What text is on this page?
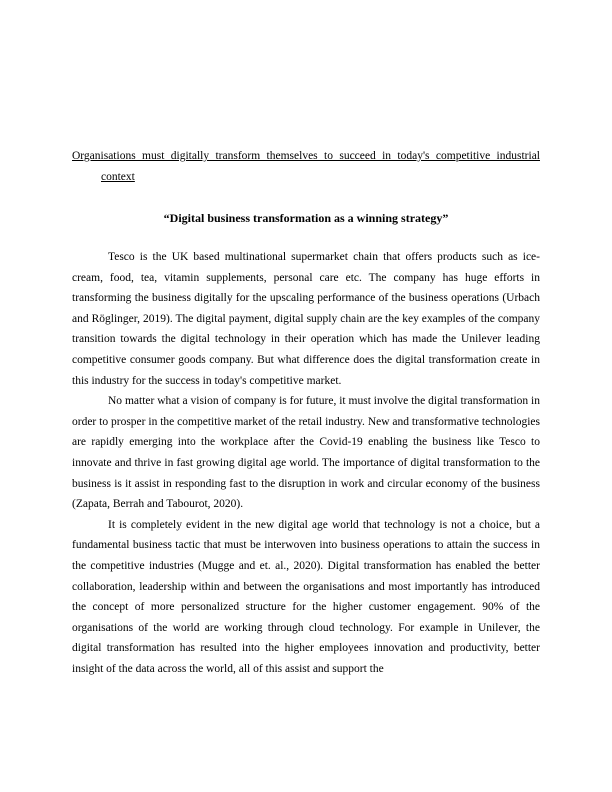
Organisations must digitally transform themselves to succeed in today's competitive industrial
context
“Digital business transformation as a winning strategy”

Tesco is the UK based multinational supermarket chain that offers products such as ice-cream, food, tea, vitamin supplements, personal care etc. The company has huge efforts in transforming the business digitally for the upscaling performance of the business operations (Urbach and Röglinger, 2019). The digital payment, digital supply chain are the key examples of the company transition towards the digital technology in their operation which has made the Unilever leading competitive consumer goods company. But what difference does the digital transformation create in this industry for the success in today's competitive market.

No matter what a vision of company is for future, it must involve the digital transformation in order to prosper in the competitive market of the retail industry. New and transformative technologies are rapidly emerging into the workplace after the Covid-19 enabling the business like Tesco to innovate and thrive in fast growing digital age world. The importance of digital transformation to the business is it assist in responding fast to the disruption in work and circular economy of the business (Zapata, Berrah and Tabourot, 2020).

It is completely evident in the new digital age world that technology is not a choice, but a fundamental business tactic that must be interwoven into business operations to attain the success in the competitive industries (Mugge and et. al., 2020). Digital transformation has enabled the better collaboration, leadership within and between the organisations and most importantly has introduced the concept of more personalized structure for the higher customer engagement. 90% of the organisations of the world are working through cloud technology. For example in Unilever, the digital transformation has resulted into the higher employees innovation and productivity, better insight of the data across the world, all of this assist and support the
